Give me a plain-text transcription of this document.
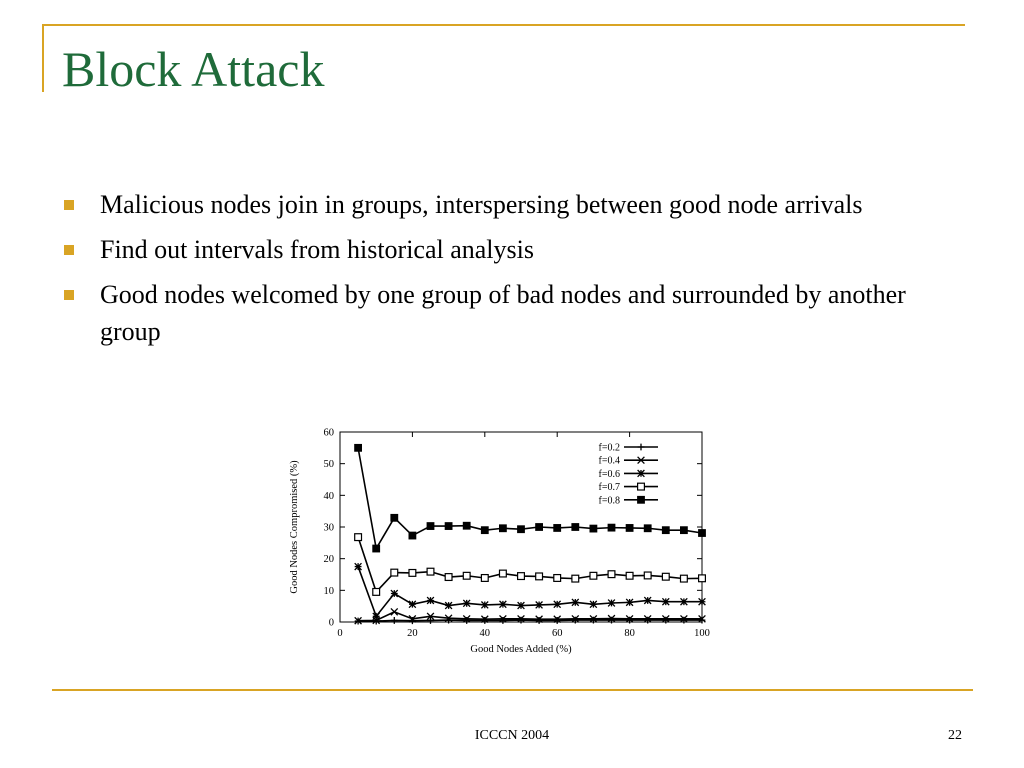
Block Attack
Malicious nodes join in groups, interspersing between good node arrivals
Find out intervals from historical analysis
Good nodes welcomed by one group of bad nodes and surrounded by another group
0
10
20
30
40
50
60
0	20	40	60	80	100
Good Nodes Added (%)
Good Nodes Compromised (%)
f=0.2
f=0.4
f=0.6
f=0.7
f=0.8
ICCCN 2004	22
